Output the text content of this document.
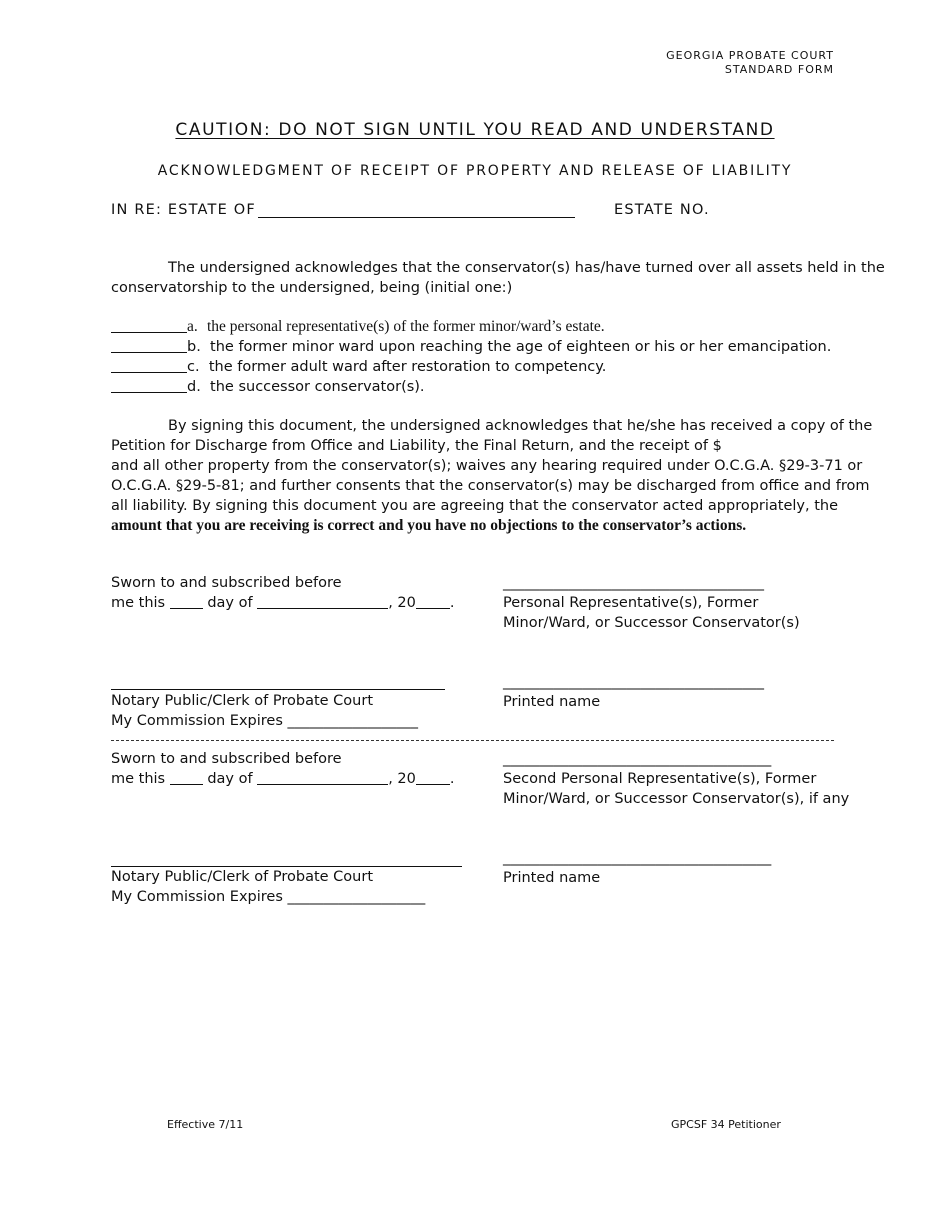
GEORGIA PROBATE COURT
STANDARD FORM
CAUTION: DO NOT SIGN UNTIL YOU READ AND UNDERSTAND
ACKNOWLEDGMENT OF RECEIPT OF PROPERTY AND RELEASE OF LIABILITY
IN RE: ESTATE OF	ESTATE NO.
The undersigned acknowledges that the conservator(s) has/have turned over all assets held in the
conservatorship to the undersigned, being (initial one:)
a. the personal representative(s) of the former minor/ward’s estate.
b. the former minor ward upon reaching the age of eighteen or his or her emancipation.
c. the former adult ward after restoration to competency.
d. the successor conservator(s).
By signing this document, the undersigned acknowledges that he/she has received a copy of the
Petition for Discharge from Office and Liability, the Final Return, and the receipt of $
and all other property from the conservator(s); waives any hearing required under O.C.G.A. §29-3-71 or
O.C.G.A. §29-5-81; and further consents that the conservator(s) may be discharged from office and from
all liability. By signing this document you are agreeing that the conservator acted appropriately, the
amount that you are receiving is correct and you have no objections to the conservator’s actions.
Sworn to and subscribed before
me this	day of	, 20 .
____________________________________
Personal Representative(s), Former
Minor/Ward, or Successor Conservator(s)
Notary Public/Clerk of Probate Court
My Commission Expires __________________
____________________________________
Printed name
Sworn to and subscribed before
me this	day of	, 20 .
_____________________________________
Second Personal Representative(s), Former
Minor/Ward, or Successor Conservator(s), if any
Notary Public/Clerk of Probate Court
My Commission Expires ___________________
_____________________________________
Printed name
Effective 7/11	GPCSF 34 Petitioner
